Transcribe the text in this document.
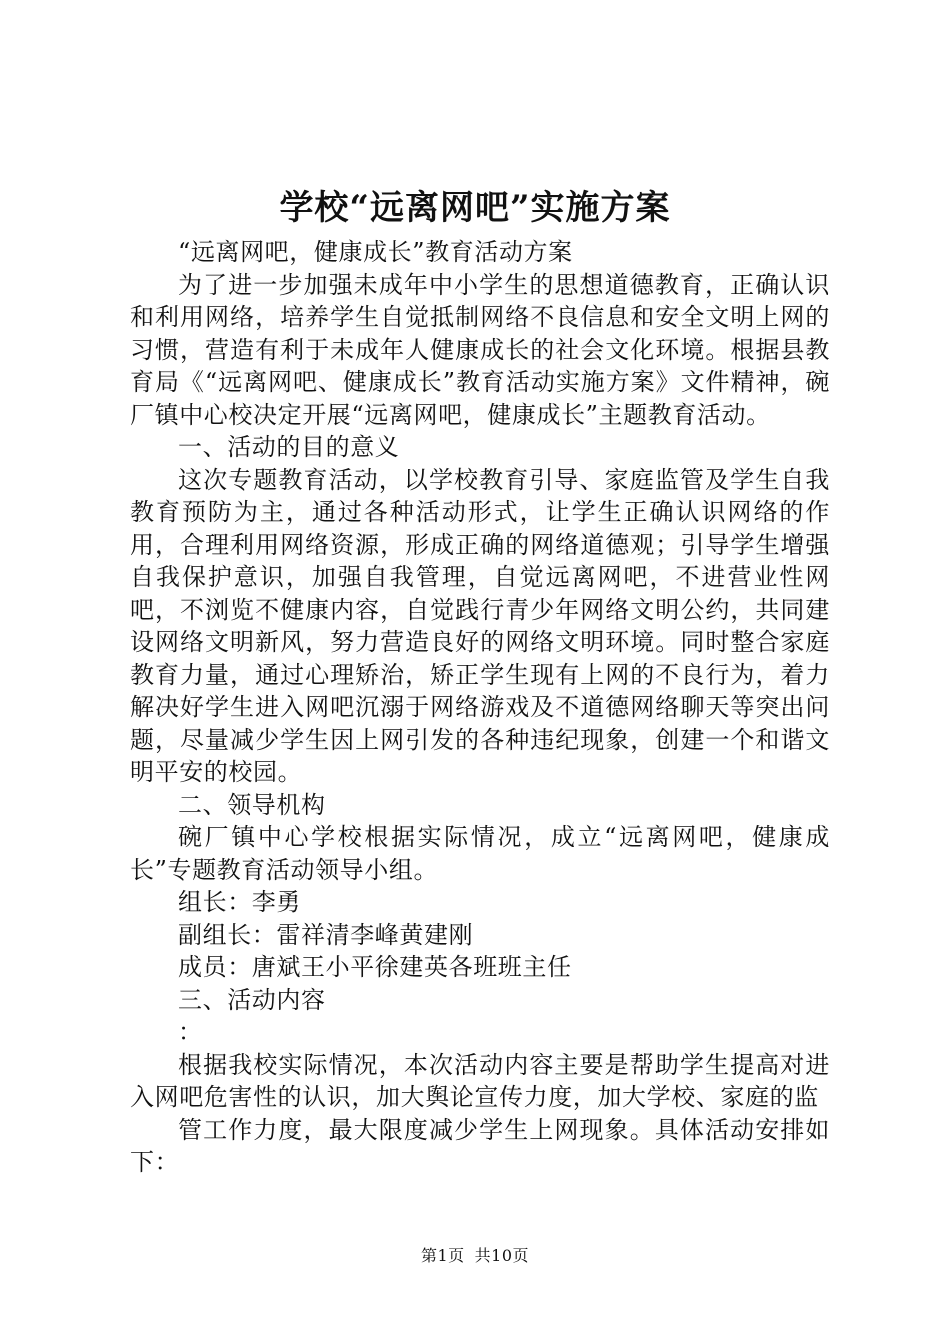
学校“远离网吧”实施方案

“远离网吧，健康成长”教育活动方案

为了进一步加强未成年中小学生的思想道德教育，正确认识和利用网络，培养学生自觉抵制网络不良信息和安全文明上网的习惯，营造有利于未成年人健康成长的社会文化环境。根据县教育局《“远离网吧、健康成长”教育活动实施方案》文件精神，碗厂镇中心校决定开展“远离网吧，健康成长”主题教育活动。

一、活动的目的意义

这次专题教育活动，以学校教育引导、家庭监管及学生自我教育预防为主，通过各种活动形式，让学生正确认识网络的作用，合理利用网络资源，形成正确的网络道德观；引导学生增强自我保护意识，加强自我管理，自觉远离网吧，不进营业性网吧，不浏览不健康内容，自觉践行青少年网络文明公约，共同建设网络文明新风，努力营造良好的网络文明环境。同时整合家庭教育力量，通过心理矫治，矫正学生现有上网的不良行为，着力解决好学生进入网吧沉溺于网络游戏及不道德网络聊天等突出问题，尽量减少学生因上网引发的各种违纪现象，创建一个和谐文明平安的校园。

二、领导机构

碗厂镇中心学校根据实际情况，成立“远离网吧，健康成长”专题教育活动领导小组。

组长：李勇

副组长：雷祥清李峰黄建刚

成员：唐斌王小平徐建英各班班主任

三、活动内容

：

根据我校实际情况，本次活动内容主要是帮助学生提高对进入网吧危害性的认识，加大舆论宣传力度，加大学校、家庭的监

管工作力度，最大限度减少学生上网现象。具体活动安排如下：

第1页 共10页
